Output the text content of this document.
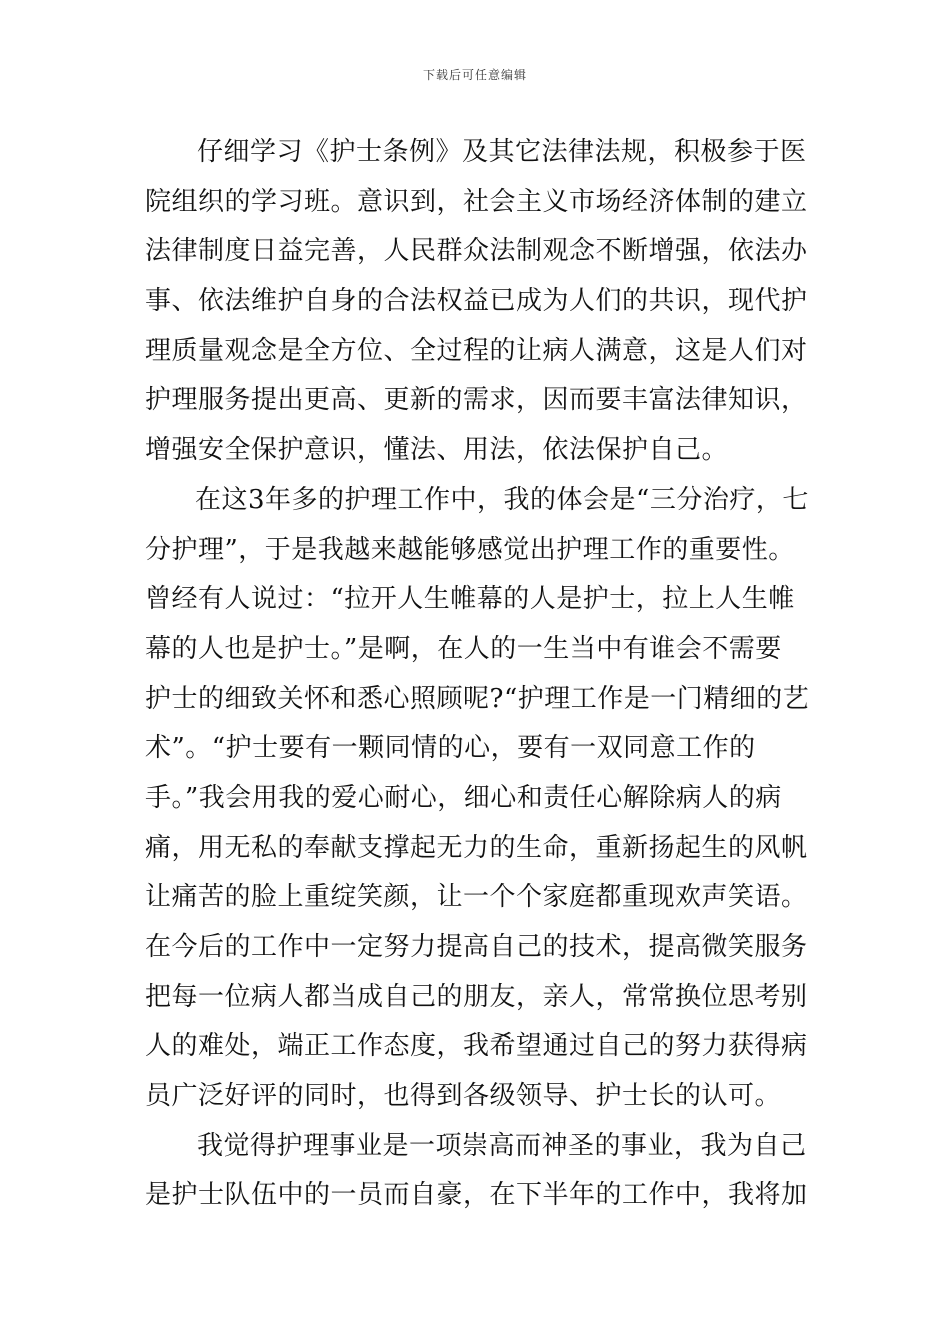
下载后可任意编辑
仔细学习《护士条例》及其它法律法规，积极参于医
院组织的学习班。意识到，社会主义市场经济体制的建立
法律制度日益完善，人民群众法制观念不断增强，依法办
事、依法维护自身的合法权益已成为人们的共识，现代护
理质量观念是全方位、全过程的让病人满意，这是人们对
护理服务提出更高、更新的需求，因而要丰富法律知识，
增强安全保护意识，懂法、用法，依法保护自己。
在这3年多的护理工作中，我的体会是“三分治疗，七
分护理”，于是我越来越能够感觉出护理工作的重要性。
曾经有人说过：“拉开人生帷幕的人是护士，拉上人生帷
幕的人也是护士。”是啊，在人的一生当中有谁会不需要
护士的细致关怀和悉心照顾呢?“护理工作是一门精细的艺
术”。“护士要有一颗同情的心，要有一双同意工作的
手。”我会用我的爱心耐心，细心和责任心解除病人的病
痛，用无私的奉献支撑起无力的生命，重新扬起生的风帆
让痛苦的脸上重绽笑颜，让一个个家庭都重现欢声笑语。
在今后的工作中一定努力提高自己的技术，提高微笑服务
把每一位病人都当成自己的朋友，亲人，常常换位思考别
人的难处，端正工作态度，我希望通过自己的努力获得病
员广泛好评的同时，也得到各级领导、护士长的认可。
我觉得护理事业是一项崇高而神圣的事业，我为自己
是护士队伍中的一员而自豪，在下半年的工作中，我将加
